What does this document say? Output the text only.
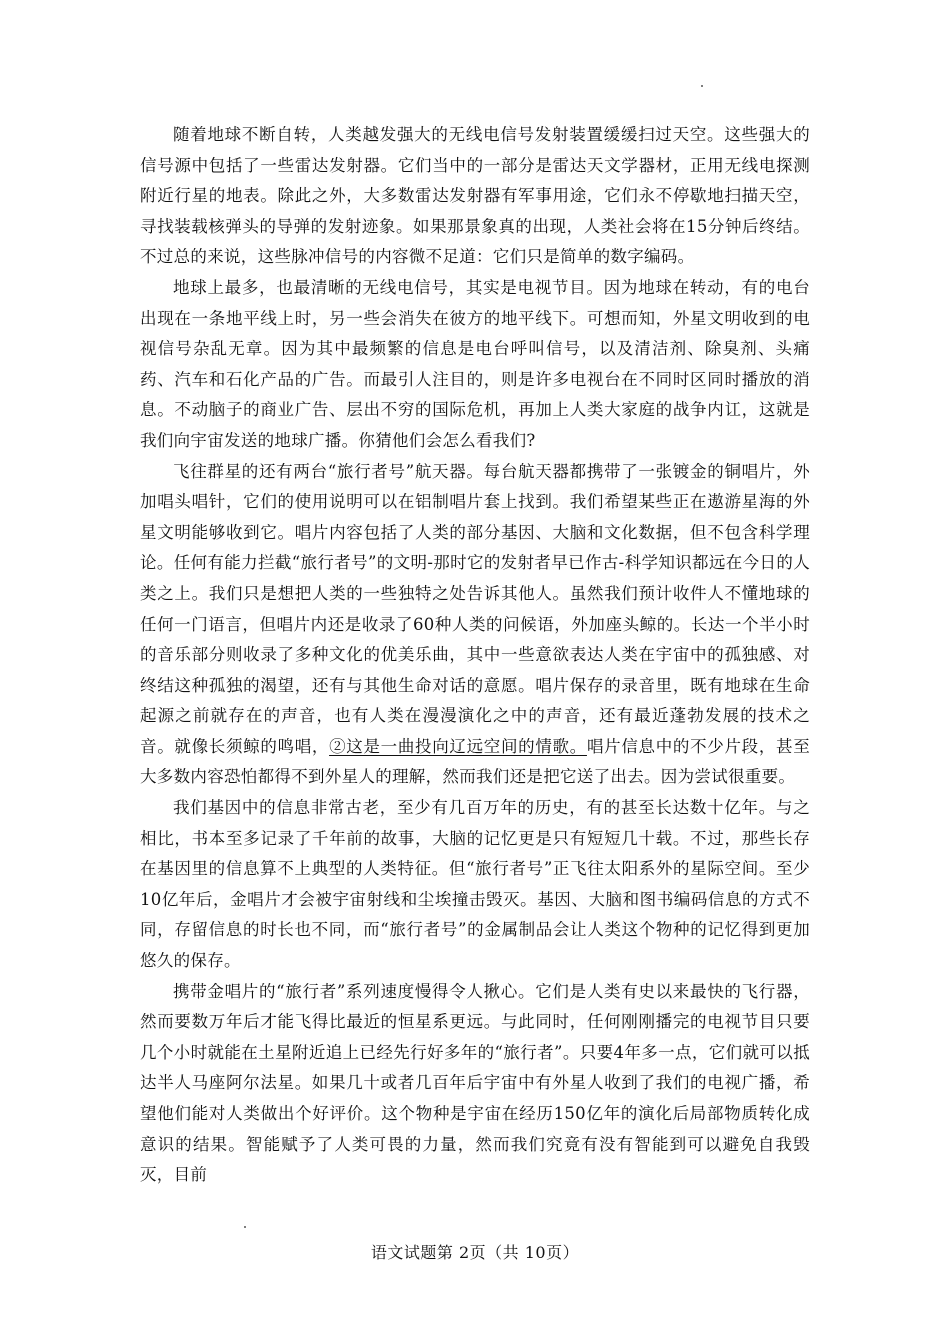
随着地球不断自转，人类越发强大的无线电信号发射装置缓缓扫过天空。这些强大的信号源中包括了一些雷达发射器。它们当中的一部分是雷达天文学器材，正用无线电探测附近行星的地表。除此之外，大多数雷达发射器有军事用途，它们永不停歇地扫描天空，寻找装载核弹头的导弹的发射迹象。如果那景象真的出现，人类社会将在15分钟后终结。不过总的来说，这些脉冲信号的内容微不足道：它们只是简单的数字编码。

地球上最多，也最清晰的无线电信号，其实是电视节目。因为地球在转动，有的电台出现在一条地平线上时，另一些会消失在彼方的地平线下。可想而知，外星文明收到的电视信号杂乱无章。因为其中最频繁的信息是电台呼叫信号，以及清洁剂、除臭剂、头痛药、汽车和石化产品的广告。而最引人注目的，则是许多电视台在不同时区同时播放的消息。不动脑子的商业广告、层出不穷的国际危机，再加上人类大家庭的战争内讧，这就是我们向宇宙发送的地球广播。你猜他们会怎么看我们?

飞往群星的还有两台“旅行者号”航天器。每台航天器都携带了一张镀金的铜唱片，外加唱头唱针，它们的使用说明可以在铝制唱片套上找到。我们希望某些正在遨游星海的外星文明能够收到它。唱片内容包括了人类的部分基因、大脑和文化数据，但不包含科学理论。任何有能力拦截“旅行者号”的文明-那时它的发射者早已作古-科学知识都远在今日的人类之上。我们只是想把人类的一些独特之处告诉其他人。虽然我们预计收件人不懂地球的任何一门语言，但唱片内还是收录了60种人类的问候语，外加座头鲸的。长达一个半小时的音乐部分则收录了多种文化的优美乐曲，其中一些意欲表达人类在宇宙中的孤独感、对终结这种孤独的渴望，还有与其他生命对话的意愿。唱片保存的录音里，既有地球在生命起源之前就存在的声音，也有人类在漫漫演化之中的声音，还有最近蓬勃发展的技术之音。就像长须鲸的鸣唱，②这是一曲投向辽远空间的情歌。唱片信息中的不少片段，甚至大多数内容恐怕都得不到外星人的理解，然而我们还是把它送了出去。因为尝试很重要。

我们基因中的信息非常古老，至少有几百万年的历史，有的甚至长达数十亿年。与之相比，书本至多记录了千年前的故事，大脑的记忆更是只有短短几十载。不过，那些长存在基因里的信息算不上典型的人类特征。但“旅行者号”正飞往太阳系外的星际空间。至少10亿年后，金唱片才会被宇宙射线和尘埃撞击毁灭。基因、大脑和图书编码信息的方式不同，存留信息的时长也不同，而“旅行者号”的金属制品会让人类这个物种的记忆得到更加悠久的保存。

携带金唱片的“旅行者”系列速度慢得令人揪心。它们是人类有史以来最快的飞行器，然而要数万年后才能飞得比最近的恒星系更远。与此同时，任何刚刚播完的电视节目只要几个小时就能在土星附近追上已经先行好多年的“旅行者”。只要4年多一点，它们就可以抵达半人马座阿尔法星。如果几十或者几百年后宇宙中有外星人收到了我们的电视广播，希望他们能对人类做出个好评价。这个物种是宇宙在经历150亿年的演化后局部物质转化成意识的结果。智能赋予了人类可畏的力量，然而我们究竟有没有智能到可以避免自我毁灭，目前

语文试题第 2页（共 10页）
